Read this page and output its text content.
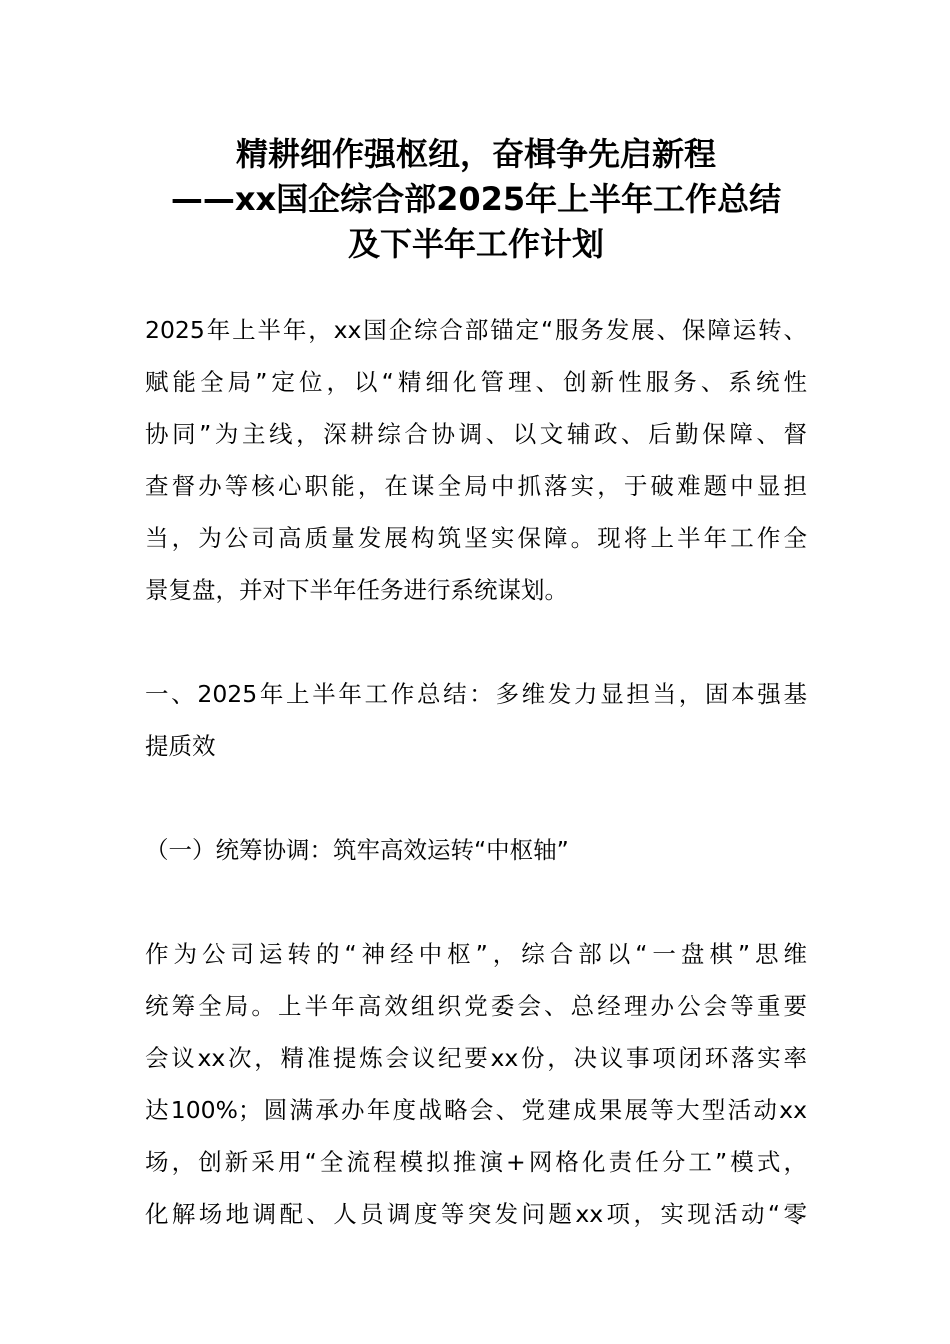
精耕细作强枢纽，奋楫争先启新程
——xx国企综合部2025年上半年工作总结
及下半年工作计划

2025年上半年，xx国企综合部锚定“服务发展、保障运转、
赋能全局”定位，以“精细化管理、创新性服务、系统性
协同”为主线，深耕综合协调、以文辅政、后勤保障、督
查督办等核心职能，在谋全局中抓落实，于破难题中显担
当，为公司高质量发展构筑坚实保障。现将上半年工作全
景复盘，并对下半年任务进行系统谋划。

一、2025年上半年工作总结：多维发力显担当，固本强基
提质效

（一）统筹协调：筑牢高效运转“中枢轴”

作为公司运转的“神经中枢”，综合部以“一盘棋”思维
统筹全局。上半年高效组织党委会、总经理办公会等重要
会议xx次，精准提炼会议纪要xx份，决议事项闭环落实率
达100%；圆满承办年度战略会、党建成果展等大型活动xx
场，创新采用“全流程模拟推演+网格化责任分工”模式，
化解场地调配、人员调度等突发问题xx项，实现活动“零
